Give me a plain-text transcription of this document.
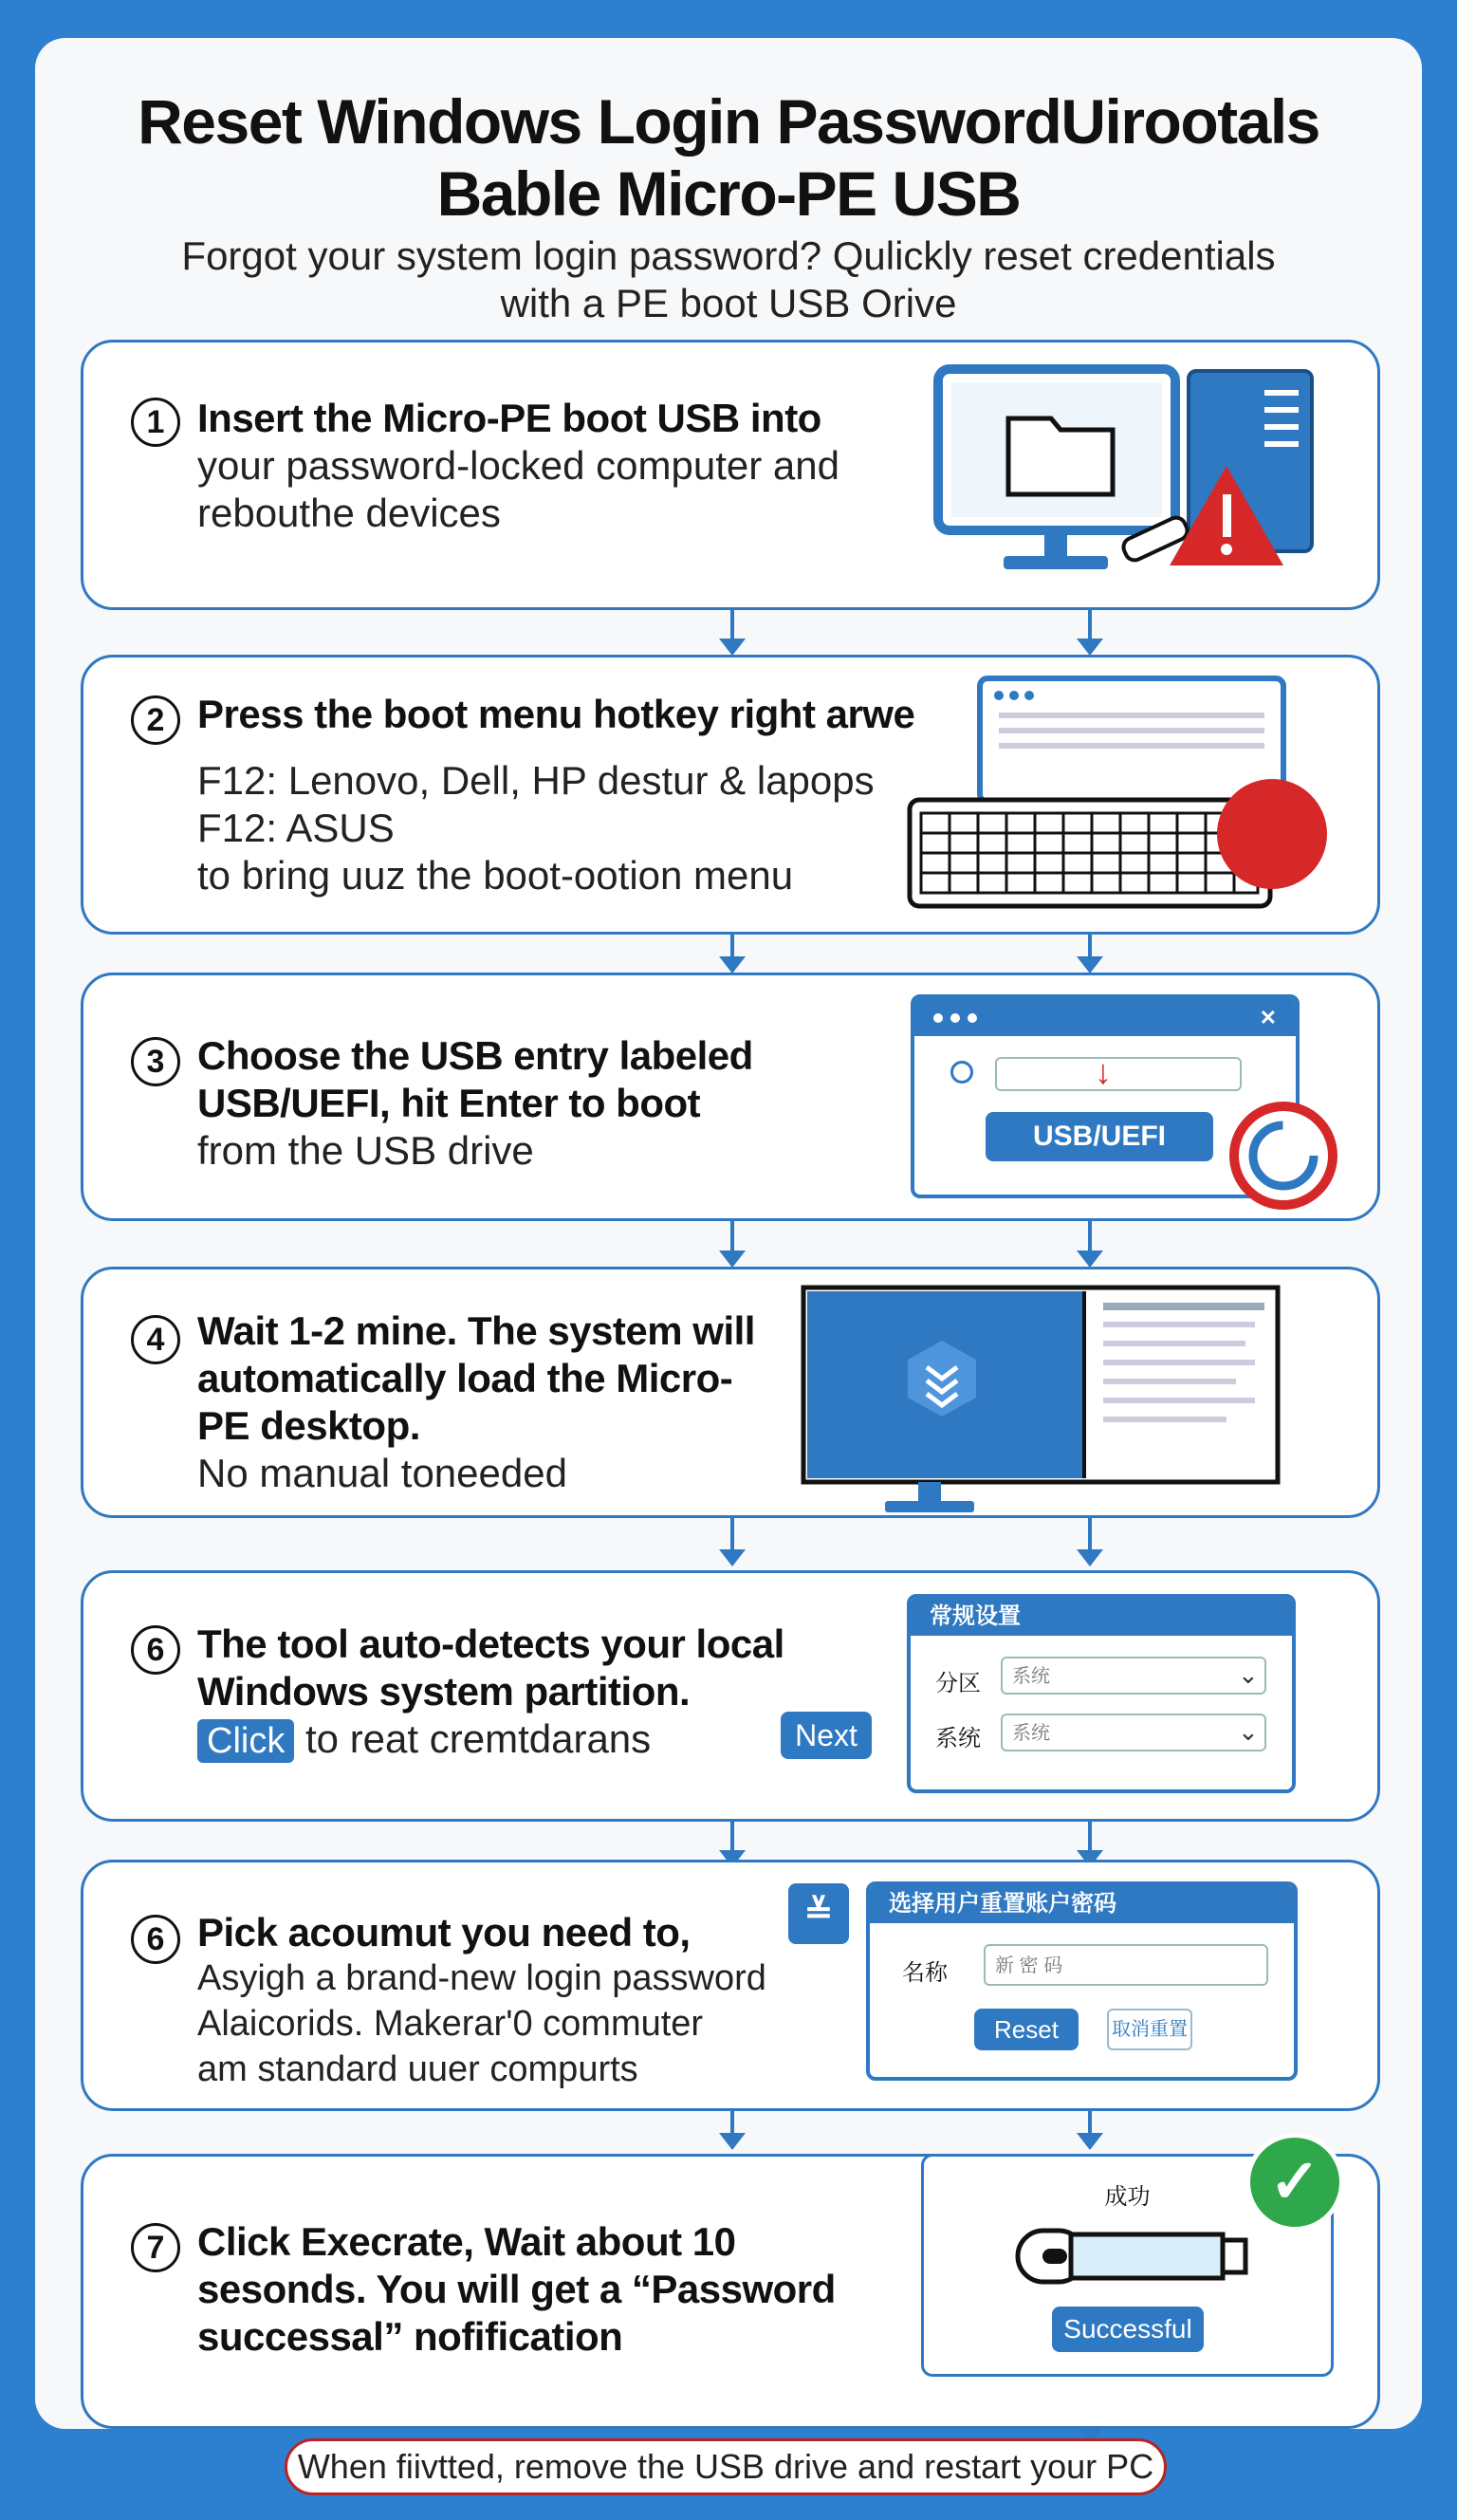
Reset Windows Login PasswordUirootals
Bable Micro-PE USB
Forgot your system login password? Qulickly reset credentials
with a PE boot USB Orive
1 Insert the Micro-PE boot USB into
your password-locked computer and
rebouthe devices
2 Press the boot menu hotkey right arwe
F12: Lenovo, Dell, HP destur & lapops
F12: ASUS
to bring uuz the boot-ootion menu
3 Choose the USB entry labeled
USB/UEFI, hit Enter to boot
from the USB drive
✕
↓
USB/UEFI
4 Wait 1-2 mine. The system will
automatically load the Micro-
PE desktop.
No manual toneeded
6 The tool auto-detects your local
Windows system partition.
Click to reat cremtdarans	Next
常规设置
分区	系统	⌄
系统	系统	⌄
6 Pick acoumut you need to,
Asyigh a brand-new login password
Alaicorids. Makerar'0 commuter
am standard uuer compurts
≚	选择用户重置账户密码
名称	新 密 码
Reset	取消重置
7 Click Execrate, Wait about 10
sesonds. You will get a “Password
successal” nofification
成功
Successful
✓
When fiivtted, remove the USB drive and restart your PC
